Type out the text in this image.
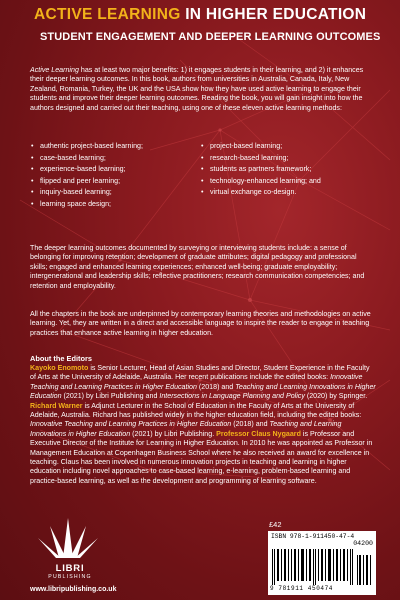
ACTIVE LEARNING IN HIGHER EDUCATION
STUDENT ENGAGEMENT AND DEEPER LEARNING OUTCOMES
Active Learning has at least two major benefits: 1) it engages students in their learning, and 2) it enhances their deeper learning outcomes. In this book, authors from universities in Australia, Canada, Italy, New Zealand, Romania, Turkey, the UK and the USA show how they have used active learning to engage their students and improve their deeper learning outcomes. Reading the book, you will gain insight into how the authors designed and carried out their teaching, using one of these eleven active learning methods:
• authentic project-based learning;
• case-based learning;
• experience-based learning;
• flipped and peer learning;
• inquiry-based learning;
• learning space design;
• project-based learning;
• research-based learning;
• students as partners framework;
• technology-enhanced learning; and
• virtual exchange co-design.
The deeper learning outcomes documented by surveying or interviewing students include: a sense of belonging for improving retention; development of graduate attributes; digital pedagogy and professional skills; engaged and enhanced learning experiences; enhanced well-being; graduate employability; intergenerational and leadership skills; reflective practitioners; research communication competencies; and retention and employability.
All the chapters in the book are underpinned by contemporary learning theories and methodologies on active learning. Yet, they are written in a direct and accessible language to inspire the reader to engage in teaching practices that enhance active learning in higher education.
About the Editors
Kayoko Enomoto is Senior Lecturer, Head of Asian Studies and Director, Student Experience in the Faculty of Arts at the University of Adelaide, Australia. Her recent publications include the edited books: Innovative Teaching and Learning Practices in Higher Education (2018) and Teaching and Learning Innovations in Higher Education (2021) by Libri Publishing and Intersections in Language Planning and Policy (2020) by Springer. Richard Warner is Adjunct Lecturer in the School of Education in the Faculty of Arts at the University of Adelaide, Australia. Richard has published widely in the higher education field, including the edited books: Innovative Teaching and Learning Practices in Higher Education (2018) and Teaching and Learning Innovations in Higher Education (2021) by Libri Publishing. Professor Claus Nygaard is Professor and Executive Director of the Institute for Learning in Higher Education. In 2010 he was appointed as Professor in Management Education at Copenhagen Business School where he also received an award for excellence in teaching. Claus has been involved in numerous innovation projects in teaching and learning in higher education including novel approaches to case-based learning, e-learning, problem-based learning and practice-based learning, as well as the development and programming of learning software.
LIBRI
PUBLISHING
£42
ISBN 978-1-911450-47-4
04200
9 781911 450474
www.libripublishing.co.uk
